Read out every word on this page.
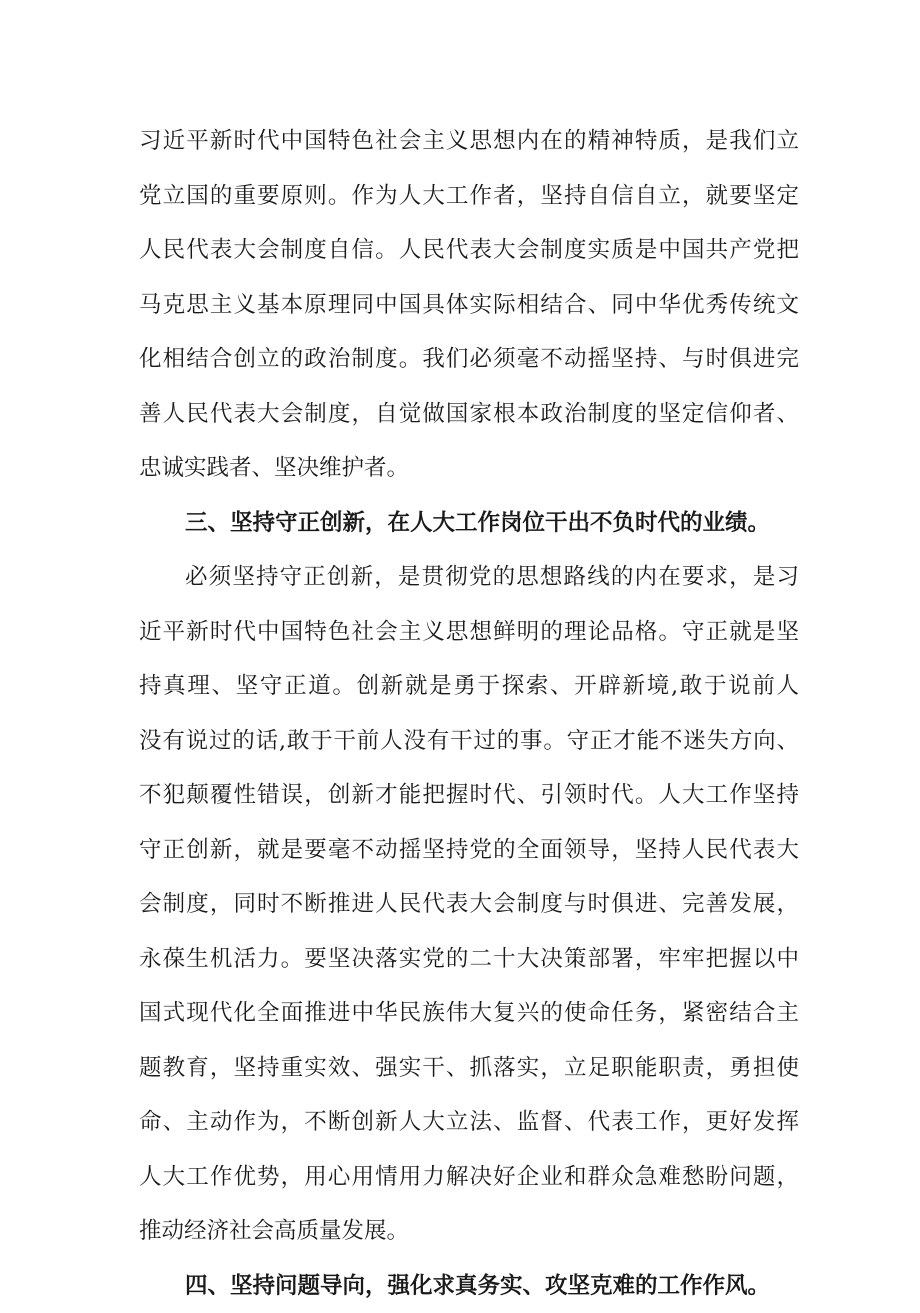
习近平新时代中国特色社会主义思想内在的精神特质，是我们立
党立国的重要原则。作为人大工作者，坚持自信自立，就要坚定
人民代表大会制度自信。人民代表大会制度实质是中国共产党把
马克思主义基本原理同中国具体实际相结合、同中华优秀传统文
化相结合创立的政治制度。我们必须毫不动摇坚持、与时俱进完
善人民代表大会制度，自觉做国家根本政治制度的坚定信仰者、
忠诚实践者、坚决维护者。
三、坚持守正创新，在人大工作岗位干出不负时代的业绩。
必须坚持守正创新，是贯彻党的思想路线的内在要求，是习
近平新时代中国特色社会主义思想鲜明的理论品格。守正就是坚
持真理、坚守正道。创新就是勇于探索、开辟新境,敢于说前人
没有说过的话,敢于干前人没有干过的事。守正才能不迷失方向、
不犯颠覆性错误，创新才能把握时代、引领时代。人大工作坚持
守正创新，就是要毫不动摇坚持党的全面领导，坚持人民代表大
会制度，同时不断推进人民代表大会制度与时俱进、完善发展，
永葆生机活力。要坚决落实党的二十大决策部署，牢牢把握以中
国式现代化全面推进中华民族伟大复兴的使命任务，紧密结合主
题教育，坚持重实效、强实干、抓落实，立足职能职责，勇担使
命、主动作为，不断创新人大立法、监督、代表工作，更好发挥
人大工作优势，用心用情用力解决好企业和群众急难愁盼问题，
推动经济社会高质量发展。
四、坚持问题导向，强化求真务实、攻坚克难的工作作风。
